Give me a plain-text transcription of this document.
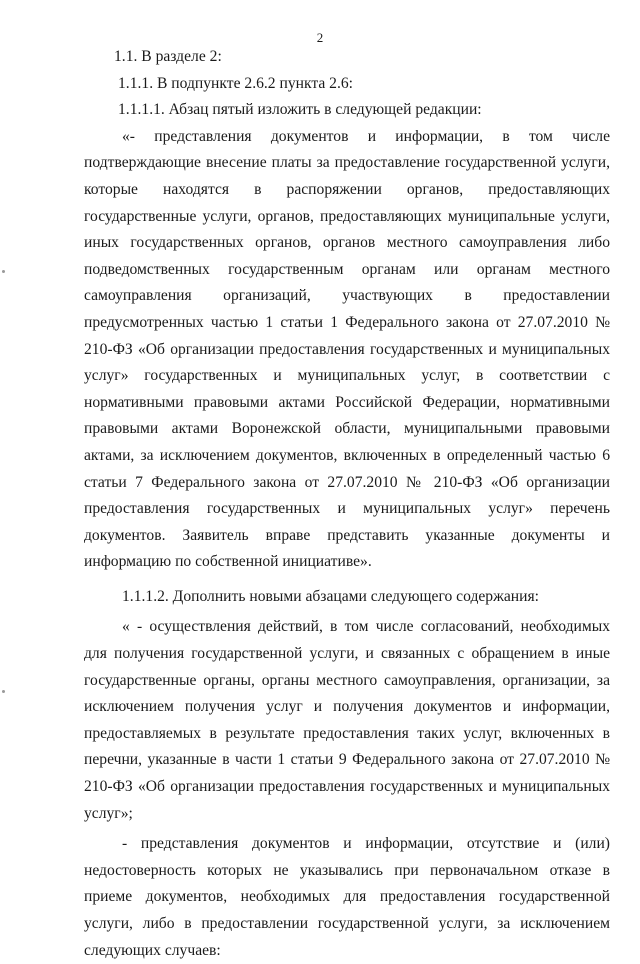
2
1.1. В разделе 2:
1.1.1. В подпункте 2.6.2 пункта 2.6:
1.1.1.1. Абзац пятый изложить в следующей редакции:

«- представления документов и информации, в том числе подтверждающие внесение платы за предоставление государственной услуги, которые находятся в распоряжении органов, предоставляющих государственные услуги, органов, предоставляющих муниципальные услуги, иных государственных органов, органов местного самоуправления либо подведомственных государственным органам или органам местного самоуправления организаций, участвующих в предоставлении предусмотренных частью 1 статьи 1 Федерального закона от 27.07.2010 № 210-ФЗ «Об организации предоставления государственных и муниципальных услуг» государственных и муниципальных услуг, в соответствии с нормативными правовыми актами Российской Федерации, нормативными правовыми актами Воронежской области, муниципальными правовыми актами, за исключением документов, включенных в определенный частью 6 статьи 7 Федерального закона от 27.07.2010 № 210-ФЗ «Об организации предоставления государственных и муниципальных услуг» перечень документов. Заявитель вправе представить указанные документы и информацию по собственной инициативе».

1.1.1.2. Дополнить новыми абзацами следующего содержания:

« - осуществления действий, в том числе согласований, необходимых для получения государственной услуги, и связанных с обращением в иные государственные органы, органы местного самоуправления, организации, за исключением получения услуг и получения документов и информации, предоставляемых в результате предоставления таких услуг, включенных в перечни, указанные в части 1 статьи 9 Федерального закона от 27.07.2010 № 210-ФЗ «Об организации предоставления государственных и муниципальных услуг»;

- представления документов и информации, отсутствие и (или) недостоверность которых не указывались при первоначальном отказе в приеме документов, необходимых для предоставления государственной услуги, либо в предоставлении государственной услуги, за исключением следующих случаев:
